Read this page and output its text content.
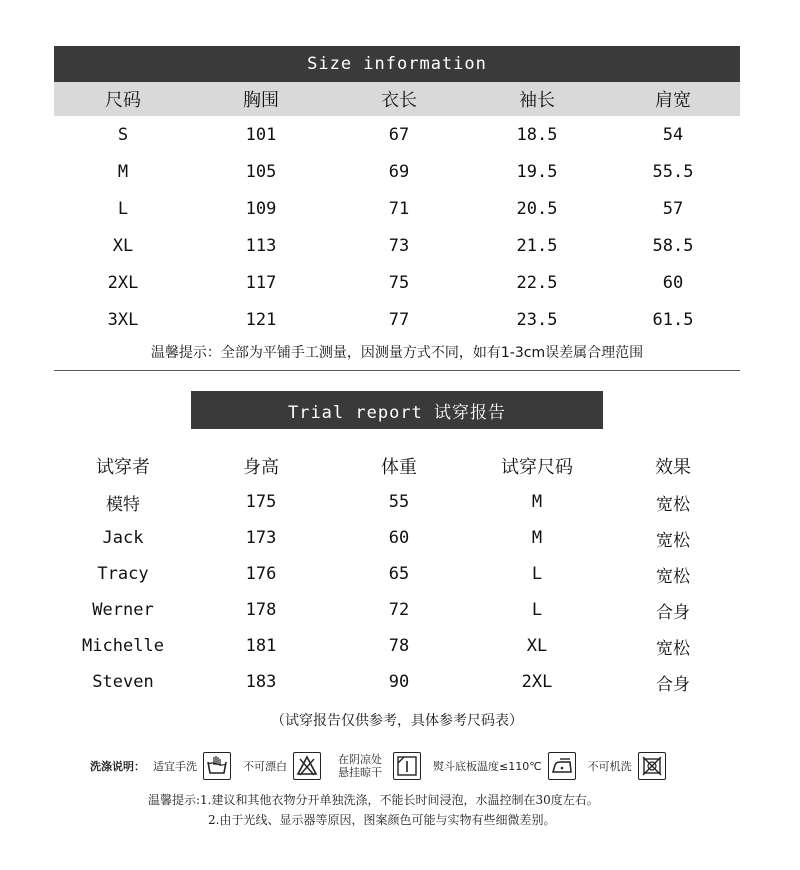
Size information
尺码	胸围	衣长	袖长	肩宽
S	101	67	18.5	54
M	105	69	19.5	55.5
L	109	71	20.5	57
XL	113	73	21.5	58.5
2XL	117	75	22.5	60
3XL	121	77	23.5	61.5
温馨提示：全部为平铺手工测量，因测量方式不同，如有1-3cm误差属合理范围
Trial report 试穿报告
试穿者	身高	体重	试穿尺码	效果
模特	175	55	M	宽松
Jack	173	60	M	宽松
Tracy	176	65	L	宽松
Werner	178	72	L	合身
Michelle	181	78	XL	宽松
Steven	183	90	2XL	合身
（试穿报告仅供参考，具体参考尺码表）
洗涤说明： 适宜手洗	不可漂白
在阴凉处悬挂晾干	熨斗底板温度≤110℃	不可机洗
温馨提示:1.建议和其他衣物分开单独洗涤，不能长时间浸泡，水温控制在30度左右。
2.由于光线、显示器等原因，图案颜色可能与实物有些细微差别。
